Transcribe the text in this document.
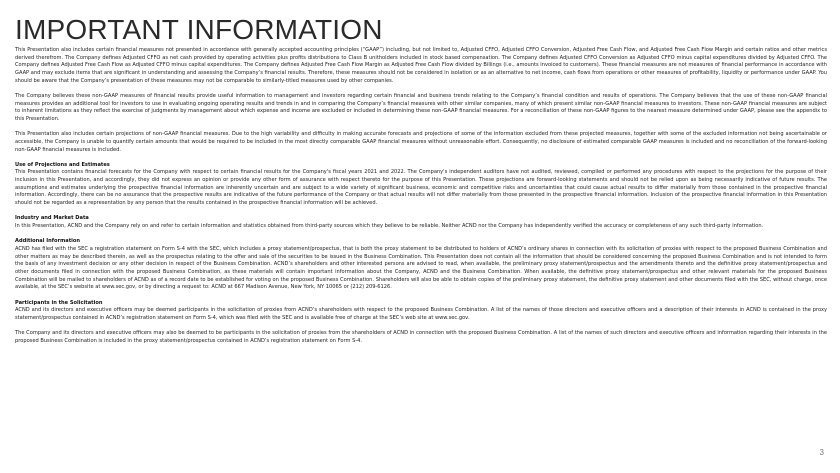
IMPORTANT INFORMATION

This Presentation also includes certain financial measures not presented in accordance with generally accepted accounting principles (“GAAP”) including, but not limited to, Adjusted CFFO, Adjusted CFFO Conversion, Adjusted Free Cash Flow, and Adjusted Free Cash Flow Margin and certain ratios and other metrics derived therefrom. The Company defines Adjusted CFFO as net cash provided by operating activities plus profits distributions to Class B unitholders included in stock based compensation. The Company defines Adjusted CFFO Conversion as Adjusted CFFO minus capital expenditures divided by Adjusted CFFO. The Company defines Adjusted Free Cash Flow as Adjusted CFFO minus capital expenditures. The Company defines Adjusted Free Cash Flow Margin as Adjusted Free Cash Flow divided by Billings (i.e., amounts invoiced to customers). These financial measures are not measures of financial performance in accordance with GAAP and may exclude items that are significant in understanding and assessing the Company’s financial results. Therefore, these measures should not be considered in isolation or as an alternative to net income, cash flows from operations or other measures of profitability, liquidity or performance under GAAP. You should be aware that the Company’s presentation of these measures may not be comparable to similarly-titled measures used by other companies.

The Company believes these non-GAAP measures of financial results provide useful information to management and investors regarding certain financial and business trends relating to the Company’s financial condition and results of operations. The Company believes that the use of these non-GAAP financial measures provides an additional tool for investors to use in evaluating ongoing operating results and trends in and in comparing the Company’s financial measures with other similar companies, many of which present similar non-GAAP financial measures to investors. These non-GAAP financial measures are subject to inherent limitations as they reflect the exercise of judgments by management about which expense and income are excluded or included in determining these non-GAAP financial measures. For a reconciliation of these non-GAAP figures to the nearest measure determined under GAAP, please see the appendix to this Presentation.

This Presentation also includes certain projections of non-GAAP financial measures. Due to the high variability and difficulty in making accurate forecasts and projections of some of the information excluded from these projected measures, together with some of the excluded information not being ascertainable or accessible, the Company is unable to quantify certain amounts that would be required to be included in the most directly comparable GAAP financial measures without unreasonable effort. Consequently, no disclosure of estimated comparable GAAP measures is included and no reconciliation of the forward-looking non-GAAP financial measures is included.

Use of Projections and Estimates

This Presentation contains financial forecasts for the Company with respect to certain financial results for the Company's fiscal years 2021 and 2022. The Company's independent auditors have not audited, reviewed, compiled or performed any procedures with respect to the projections for the purpose of their inclusion in this Presentation, and accordingly, they did not express an opinion or provide any other form of assurance with respect thereto for the purpose of this Presentation. These projections are forward-looking statements and should not be relied upon as being necessarily indicative of future results. The assumptions and estimates underlying the prospective financial information are inherently uncertain and are subject to a wide variety of significant business, economic and competitive risks and uncertainties that could cause actual results to differ materially from those contained in the prospective financial information. Accordingly, there can be no assurance that the prospective results are indicative of the future performance of the Company or that actual results will not differ materially from those presented in the prospective financial information. Inclusion of the prospective financial information in this Presentation should not be regarded as a representation by any person that the results contained in the prospective financial information will be achieved.

Industry and Market Data

In this Presentation, ACND and the Company rely on and refer to certain information and statistics obtained from third-party sources which they believe to be reliable. Neither ACND nor the Company has independently verified the accuracy or completeness of any such third-party information.

Additional Information

ACND has filed with the SEC a registration statement on Form S-4 with the SEC, which includes a proxy statement/prospectus, that is both the proxy statement to be distributed to holders of ACND’s ordinary shares in connection with its solicitation of proxies with respect to the proposed Business Combination and other matters as may be described therein, as well as the prospectus relating to the offer and sale of the securities to be issued in the Business Combination. This Presentation does not contain all the information that should be considered concerning the proposed Business Combination and is not intended to form the basis of any investment decision or any other decision in respect of the Business Combination. ACND’s shareholders and other interested persons are advised to read, when available, the preliminary proxy statement/prospectus and the amendments thereto and the definitive proxy statement/prospectus and other documents filed in connection with the proposed Business Combination, as these materials will contain important information about the Company, ACND and the Business Combination. When available, the definitive proxy statement/prospectus and other relevant materials for the proposed Business Combination will be mailed to shareholders of ACND as of a record date to be established for voting on the proposed Business Combination. Shareholders will also be able to obtain copies of the preliminary proxy statement, the definitive proxy statement and other documents filed with the SEC, without charge, once available, at the SEC’s website at www.sec.gov, or by directing a request to: ACND at 667 Madison Avenue, New York, NY 10065 or (212) 209-6126.

Participants in the Solicitation

ACND and its directors and executive officers may be deemed participants in the solicitation of proxies from ACND’s shareholders with respect to the proposed Business Combination. A list of the names of those directors and executive officers and a description of their interests in ACND is contained in the proxy statement/prospectus contained in ACND’s registration statement on Form S-4, which was filed with the SEC and is available free of charge at the SEC’s web site at www.sec.gov.

The Company and its directors and executive officers may also be deemed to be participants in the solicitation of proxies from the shareholders of ACND in connection with the proposed Business Combination. A list of the names of such directors and executive officers and information regarding their interests in the proposed Business Combination is included in the proxy statement/prospectus contained in ACND’s registration statement on Form S-4.

3
